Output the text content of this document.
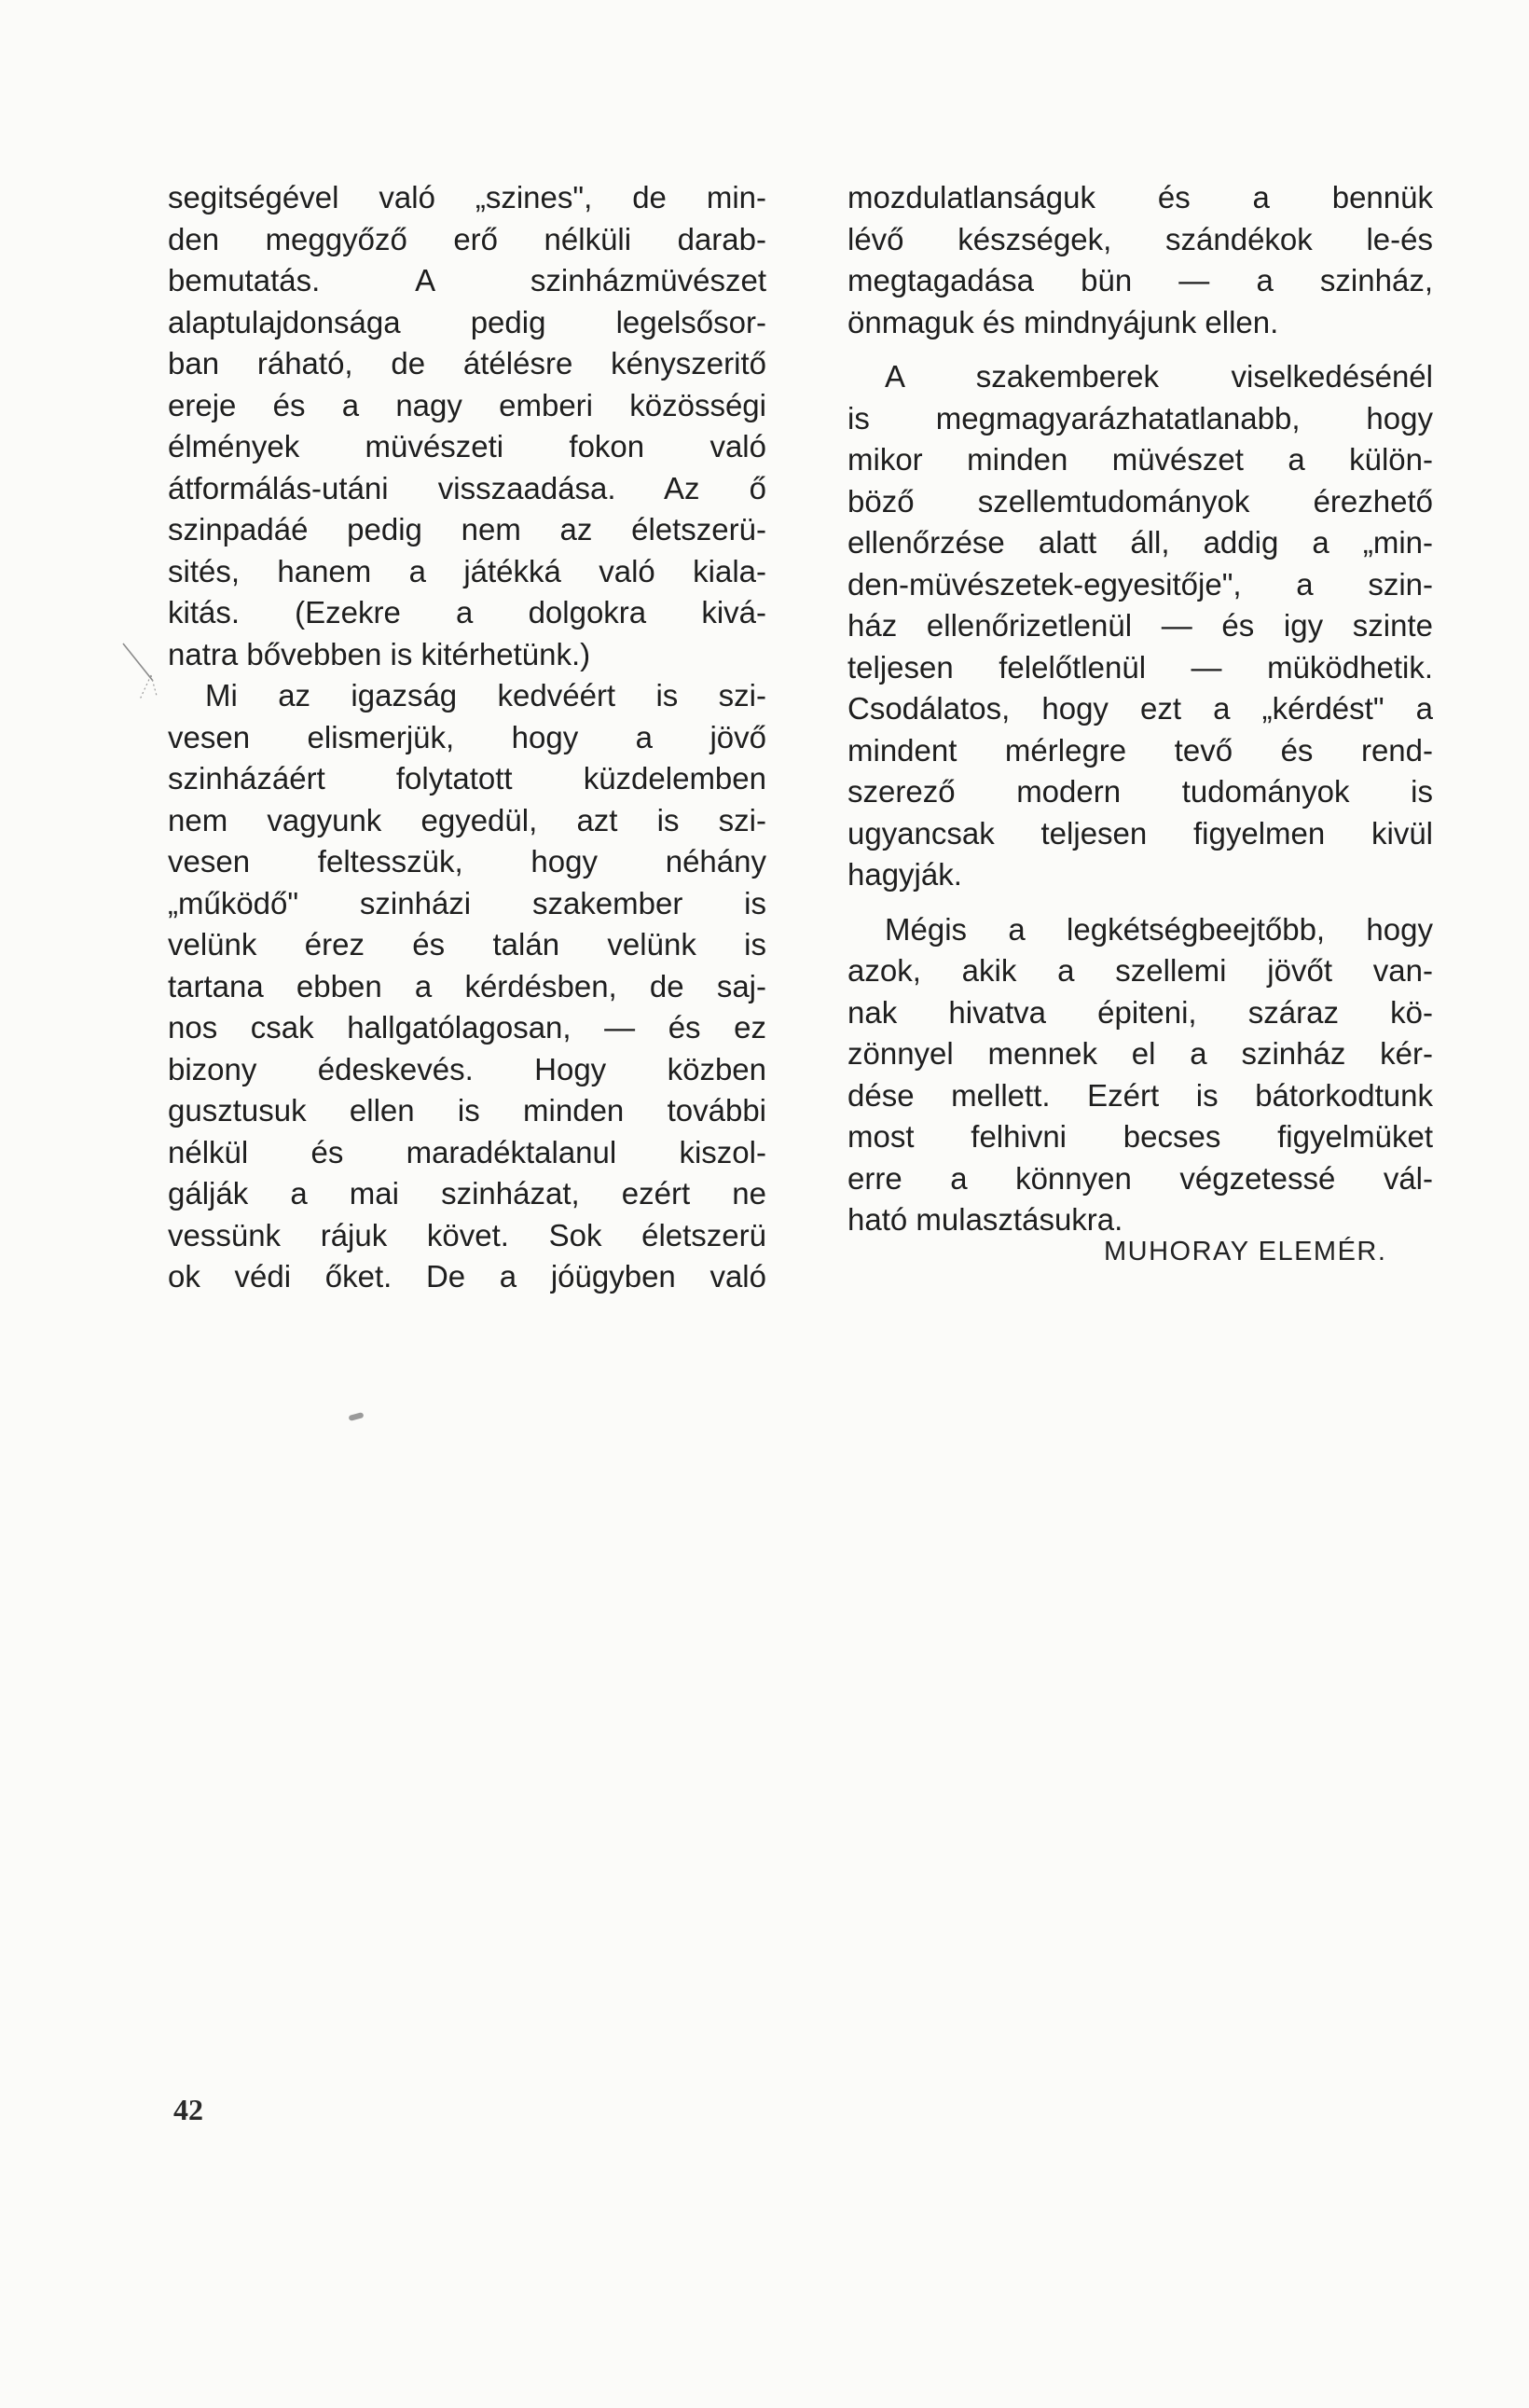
segitségével való „szines", de min-
den meggyőző erő nélküli darab-
bemutatás. A szinházmüvészet
alaptulajdonsága pedig legelsősor-
ban ráható, de átélésre kényszeritő
ereje és a nagy emberi közösségi
élmények müvészeti fokon való
átformálás-utáni visszaadása. Az ő
szinpadáé pedig nem az életszerü-
sités, hanem a játékká való kiala-
kitás. (Ezekre a dolgokra kivá-
natra bővebben is kitérhetünk.)
Mi az igazság kedvéért is szi-
vesen elismerjük, hogy a jövő
szinházáért folytatott küzdelemben
nem vagyunk egyedül, azt is szi-
vesen feltesszük, hogy néhány
„működő" szinházi szakember is
velünk érez és talán velünk is
tartana ebben a kérdésben, de saj-
nos csak hallgatólagosan, — és ez
bizony édeskevés. Hogy közben
gusztusuk ellen is minden további
nélkül és maradéktalanul kiszol-
gálják a mai szinházat, ezért ne
vessünk rájuk követ. Sok életszerü
ok védi őket. De a jóügyben való
mozdulatlanságuk és a bennük
lévő készségek, szándékok le-és
megtagadása bün — a szinház,
önmaguk és mindnyájunk ellen.
A szakemberek viselkedésénél
is megmagyarázhatatlanabb, hogy
mikor minden müvészet a külön-
böző szellemtudományok érezhető
ellenőrzése alatt áll, addig a „min-
den-müvészetek-egyesitője", a szin-
ház ellenőrizetlenül — és igy szinte
teljesen felelőtlenül — müködhetik.
Csodálatos, hogy ezt a „kérdést" a
mindent mérlegre tevő és rend-
szerező modern tudományok is
ugyancsak teljesen figyelmen kivül
hagyják.
Mégis a legkétségbeejtőbb, hogy
azok, akik a szellemi jövőt van-
nak hivatva épiteni, száraz kö-
zönnyel mennek el a szinház kér-
dése mellett. Ezért is bátorkodtunk
most felhivni becses figyelmüket
erre a könnyen végzetessé vál-
ható mulasztásukra.
MUHORAY ELEMÉR.
42
